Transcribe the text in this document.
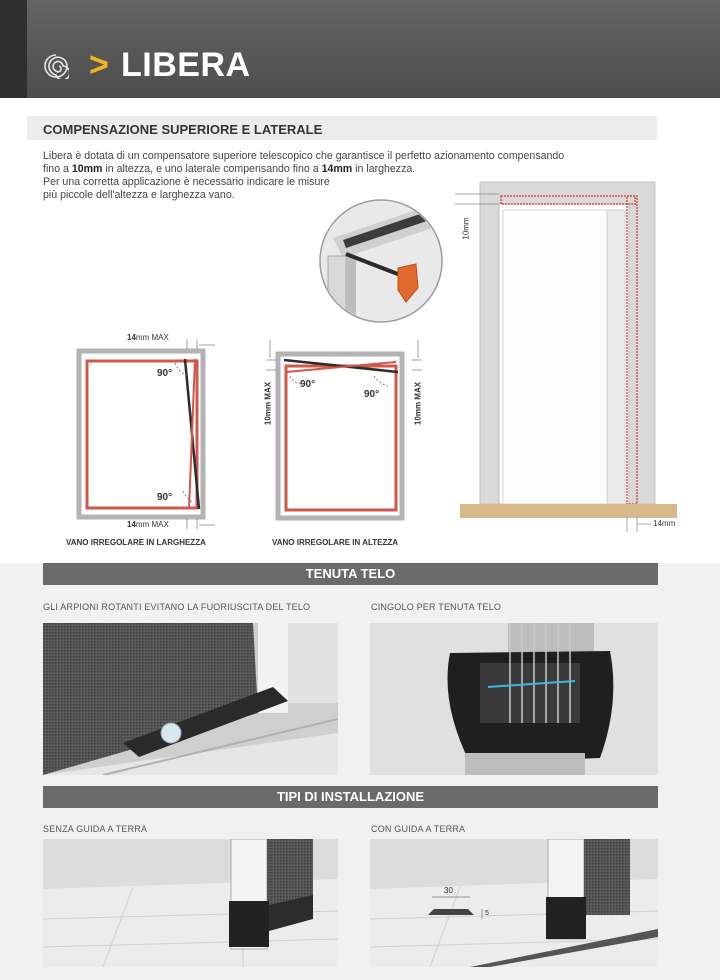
> LIBERA
COMPENSAZIONE SUPERIORE E LATERALE
Libera è dotata di un compensatore superiore telescopico che garantisce il perfetto azionamento compensando
fino a 10mm in altezza, e uno laterale compensando fino a 14mm in larghezza.
Per una corretta applicazione è necessario indicare le misure
più piccole dell'altezza e larghezza vano.
14mm MAX
90°
90°
14mm MAX
VANO IRREGOLARE IN LARGHEZZA
10mm MAX	10mm MAX
90°
90°
VANO IRREGOLARE IN ALTEZZA
10mm
14mm
TENUTA TELO
GLI ARPIONI ROTANTI EVITANO LA FUORIUSCITA DEL TELO	CINGOLO PER TENUTA TELO
TIPI DI INSTALLAZIONE
SENZA GUIDA A TERRA	CON GUIDA A TERRA
30
5
